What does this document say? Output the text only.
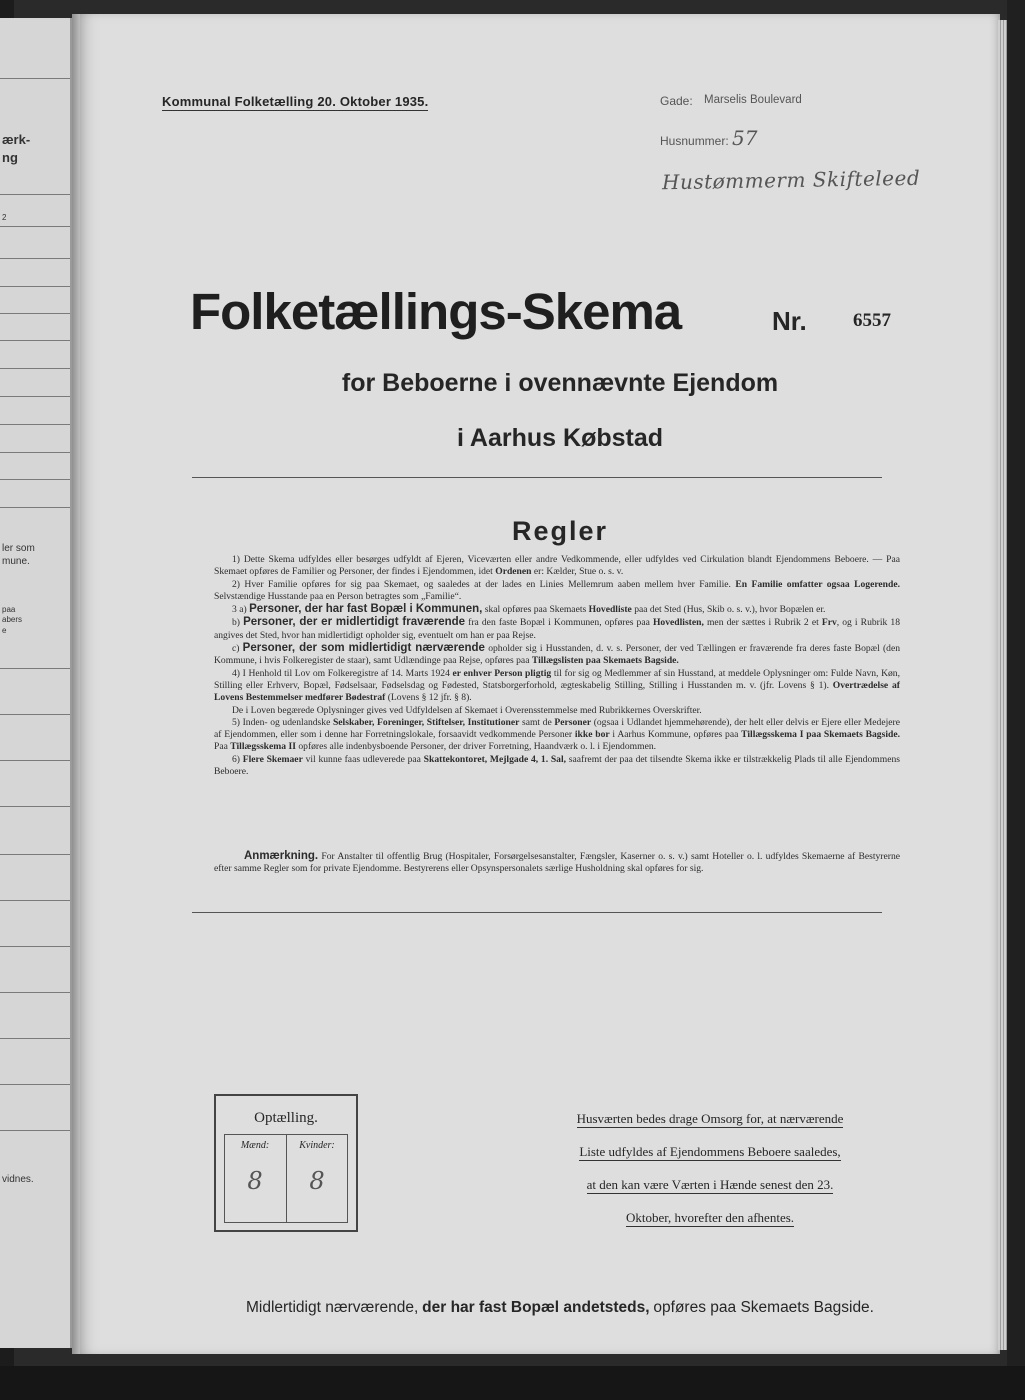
ærk-
ng
2
ler som
mune.
paa
abers
e
vidnes.
Kommunal Folketælling 20. Oktober 1935.	Gade: Marselis Boulevard
Husnummer: 57
Hustømmerm Skifteleed
Folketællings-Skema	Nr. 6557
for Beboerne i ovennævnte Ejendom
i Aarhus Købstad
Regler

1) Dette Skema udfyldes eller besørges udfyldt af Ejeren, Viceværten eller andre Vedkommende, eller udfyldes ved Cirkulation blandt Ejendommens Beboere. — Paa Skemaet opføres de Familier og Personer, der findes i Ejendommen, idet Ordenen er: Kælder, Stue o. s. v.

2) Hver Familie opføres for sig paa Skemaet, og saaledes at der lades en Linies Mellemrum aaben mellem hver Familie. En Familie omfatter ogsaa Logerende. Selvstændige Husstande paa en Person betragtes som „Familie“.

3 a) Personer, der har fast Bopæl i Kommunen, skal opføres paa Skemaets Hovedliste paa det Sted (Hus, Skib o. s. v.), hvor Bopælen er.

b) Personer, der er midlertidigt fraværende fra den faste Bopæl i Kommunen, opføres paa Hovedlisten, men der sættes i Rubrik 2 et Frv, og i Rubrik 18 angives det Sted, hvor han midlertidigt opholder sig, eventuelt om han er paa Rejse.

c) Personer, der som midlertidigt nærværende opholder sig i Husstanden, d. v. s. Personer, der ved Tællingen er fraværende fra deres faste Bopæl (den Kommune, i hvis Folkeregister de staar), samt Udlændinge paa Rejse, opføres paa Tillægslisten paa Skemaets Bagside.

4) I Henhold til Lov om Folkeregistre af 14. Marts 1924 er enhver Person pligtig til for sig og Medlemmer af sin Husstand, at meddele Oplysninger om: Fulde Navn, Køn, Stilling eller Erhverv, Bopæl, Fødselsaar, Fødselsdag og Fødested, Statsborgerforhold, ægteskabelig Stilling, Stilling i Husstanden m. v. (jfr. Lovens § 1). Overtrædelse af Lovens Bestemmelser medfører Bødestraf (Lovens § 12 jfr. § 8).

De i Loven begærede Oplysninger gives ved Udfyldelsen af Skemaet i Overensstemmelse med Rubrikkernes Overskrifter.

5) Inden- og udenlandske Selskaber, Foreninger, Stiftelser, Institutioner samt de Personer (ogsaa i Udlandet hjemmehørende), der helt eller delvis er Ejere eller Medejere af Ejendommen, eller som i denne har Forretningslokale, forsaavidt vedkommende Personer ikke bor i Aarhus Kommune, opføres paa Tillægsskema I paa Skemaets Bagside. Paa Tillægsskema II opføres alle indenbysboende Personer, der driver Forretning, Haandværk o. l. i Ejendommen.

6) Flere Skemaer vil kunne faas udleverede paa Skattekontoret, Mejlgade 4, 1. Sal, saafremt der paa det tilsendte Skema ikke er tilstrækkelig Plads til alle Ejendommens Beboere.

Anmærkning. For Anstalter til offentlig Brug (Hospitaler, Forsørgelsesanstalter, Fængsler, Kaserner o. s. v.) samt Hoteller o. l. udfyldes Skemaerne af Bestyrerne efter samme Regler som for private Ejendomme. Bestyrerens eller Opsynspersonalets særlige Husholdning skal opføres for sig.

Optælling.
Mænd:	Kvinder:
8	8
Husværten bedes drage Omsorg for, at nærværende
Liste udfyldes af Ejendommens Beboere saaledes,
at den kan være Værten i Hænde senest den 23.
Oktober, hvorefter den afhentes.
Midlertidigt nærværende, der har fast Bopæl andetsteds, opføres paa Skemaets Bagside.
